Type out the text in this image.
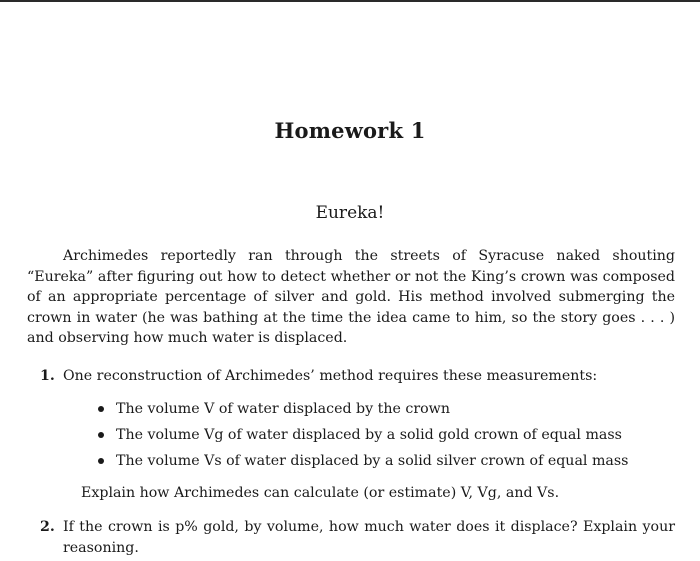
Homework 1
Eureka!

Archimedes reportedly ran through the streets of Syracuse naked shouting “Eureka” after figuring out how to detect whether or not the King’s crown was composed of an appropriate percentage of silver and gold. His method involved submerging the crown in water (he was bathing at the time the idea came to him, so the story goes . . . ) and observing how much water is displaced.

1. One reconstruction of Archimedes’ method requires these measurements:
The volume V of water displaced by the crown
The volume Vg of water displaced by a solid gold crown of equal mass
The volume Vs of water displaced by a solid silver crown of equal mass

Explain how Archimedes can calculate (or estimate) V, Vg, and Vs.

2. If the crown is p% gold, by volume, how much water does it displace? Explain your reasoning.
